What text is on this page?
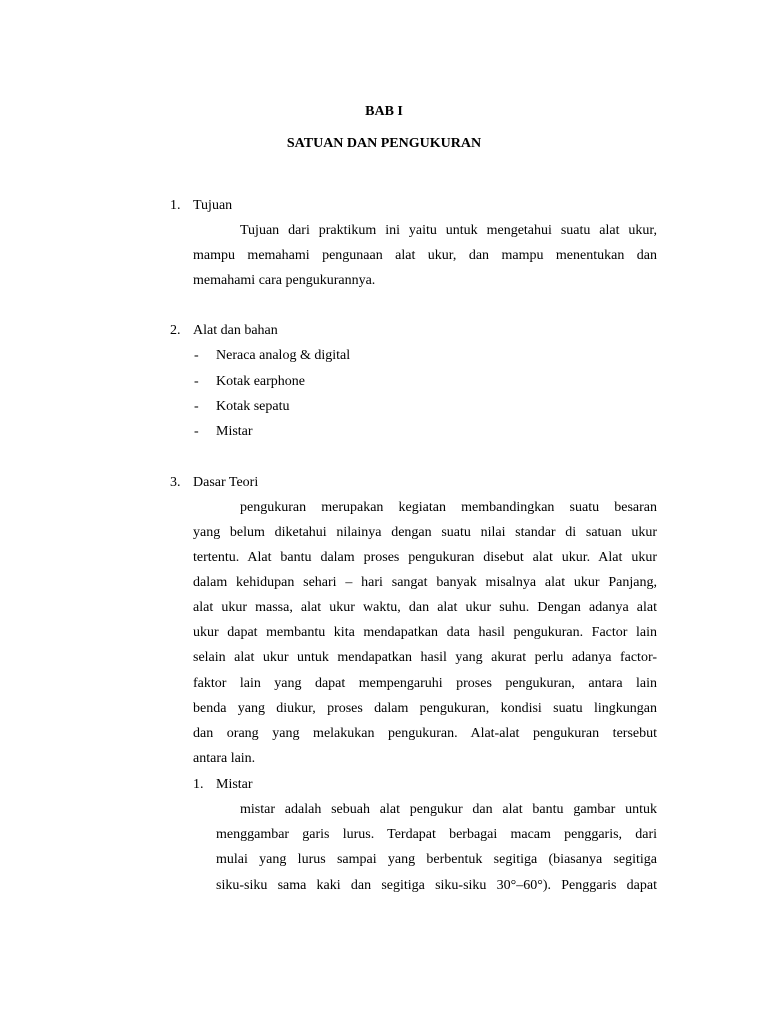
BAB I
SATUAN DAN PENGUKURAN
1. Tujuan
Tujuan dari praktikum ini yaitu untuk mengetahui suatu alat ukur,
mampu memahami pengunaan alat ukur, dan mampu menentukan dan
memahami cara pengukurannya.
2. Alat dan bahan
- Neraca analog & digital
- Kotak earphone
- Kotak sepatu
- Mistar
3. Dasar Teori
pengukuran merupakan kegiatan membandingkan suatu besaran
yang belum diketahui nilainya dengan suatu nilai standar di satuan ukur
tertentu. Alat bantu dalam proses pengukuran disebut alat ukur. Alat ukur
dalam kehidupan sehari – hari sangat banyak misalnya alat ukur Panjang,
alat ukur massa, alat ukur waktu, dan alat ukur suhu. Dengan adanya alat
ukur dapat membantu kita mendapatkan data hasil pengukuran. Factor lain
selain alat ukur untuk mendapatkan hasil yang akurat perlu adanya factor-
faktor lain yang dapat mempengaruhi proses pengukuran, antara lain
benda yang diukur, proses dalam pengukuran, kondisi suatu lingkungan
dan orang yang melakukan pengukuran. Alat-alat pengukuran tersebut
antara lain.
1. Mistar
mistar adalah sebuah alat pengukur dan alat bantu gambar untuk
menggambar garis lurus. Terdapat berbagai macam penggaris, dari
mulai yang lurus sampai yang berbentuk segitiga (biasanya segitiga
siku-siku sama kaki dan segitiga siku-siku 30°–60°). Penggaris dapat
